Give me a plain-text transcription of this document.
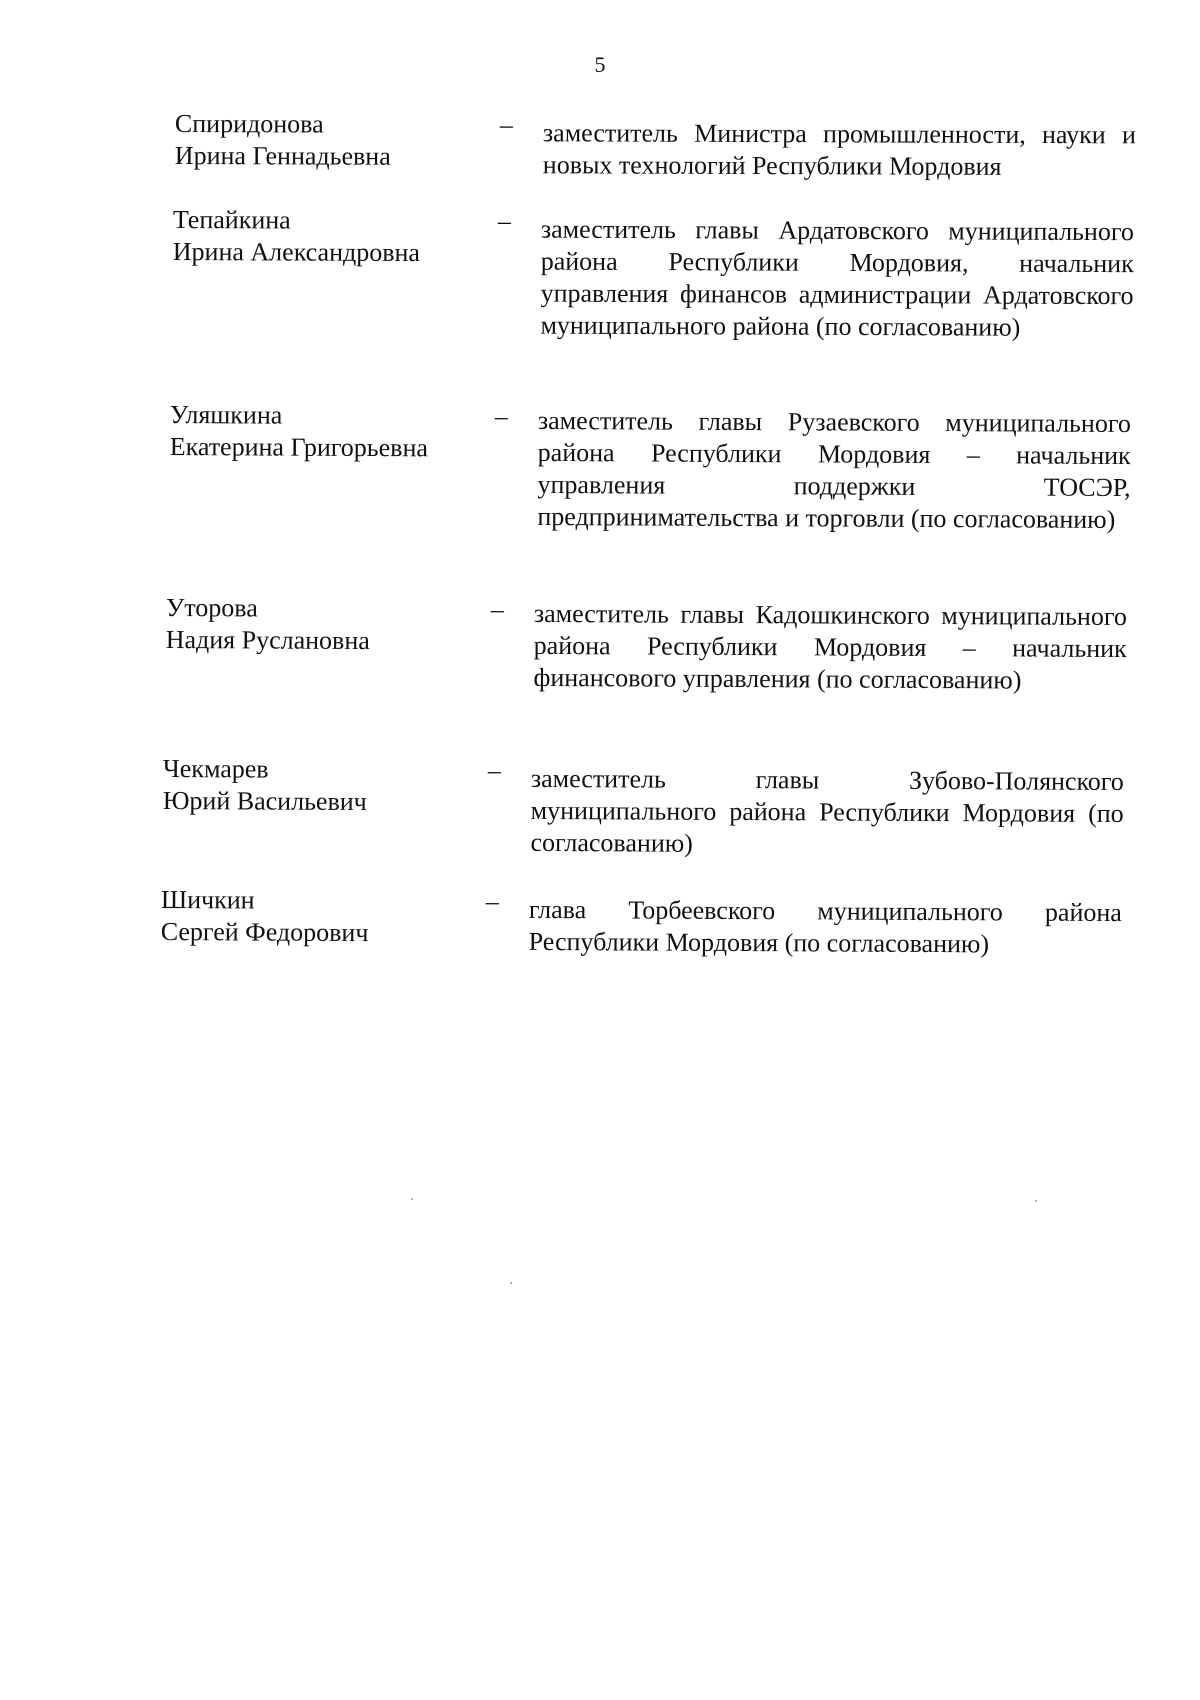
5
Спиридонова
Ирина Геннадьевна
– заместитель Министра промышленности, науки и новых технологий Республики Мордовия
Тепайкина
Ирина Александровна
– заместитель главы Ардатовского муниципального района Республики Мордовия, начальник управления финансов администрации Ардатовского муниципального района (по согласованию)
Уляшкина
Екатерина Григорьевна
– заместитель главы Рузаевского муниципального района Республики Мордовия – начальник управления поддержки ТОСЭР, предпринимательства и торговли (по согласованию)
Уторова
Надия Руслановна
– заместитель главы Кадошкинского муниципального района Республики Мордовия – начальник финансового управления (по согласованию)
Чекмарев
Юрий Васильевич
– заместитель главы Зубово-Полянского муниципального района Республики Мордовия (по согласованию)
Шичкин
Сергей Федорович
– глава Торбеевского муниципального района Республики Мордовия (по согласованию)
